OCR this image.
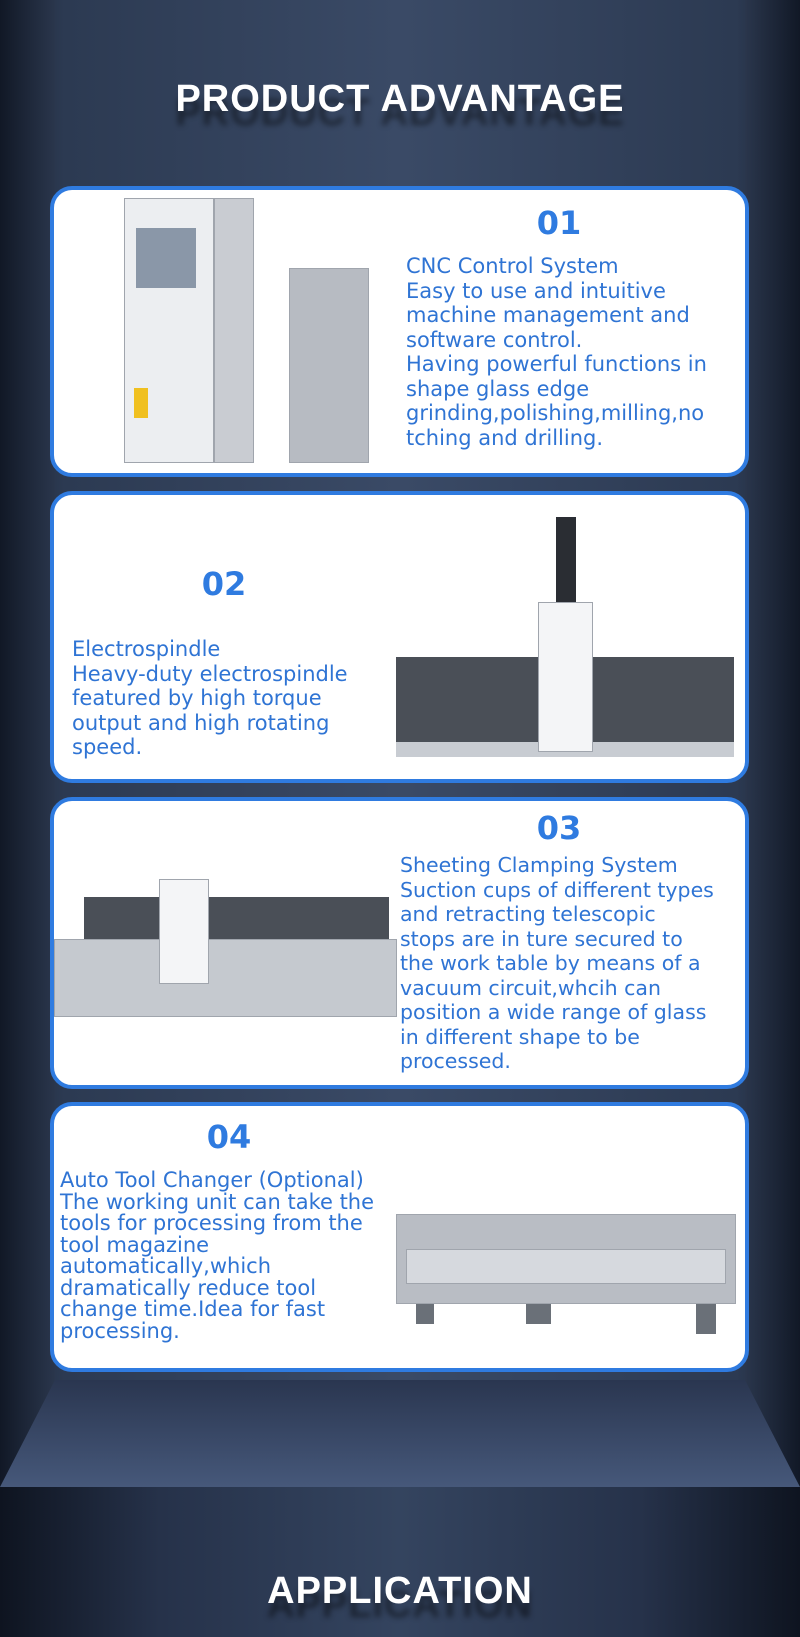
PRODUCT ADVANTAGE
01
CNC Control System
Easy to use and intuitive
machine management and
software control.
Having powerful functions in
shape glass edge
grinding,polishing,milling,no
tching and drilling.
02
Electrospindle
Heavy-duty electrospindle
featured by high torque
output and high rotating
speed.
03
Sheeting Clamping System
Suction cups of different types
and retracting telescopic
stops are in ture secured to
the work table by means of a
vacuum circuit,whcih can
position a wide range of glass
in different shape to be
processed.
04
Auto Tool Changer (Optional)
The working unit can take the
tools for processing from the
tool magazine
automatically,which
dramatically reduce tool
change time.Idea for fast
processing.
APPLICATION
